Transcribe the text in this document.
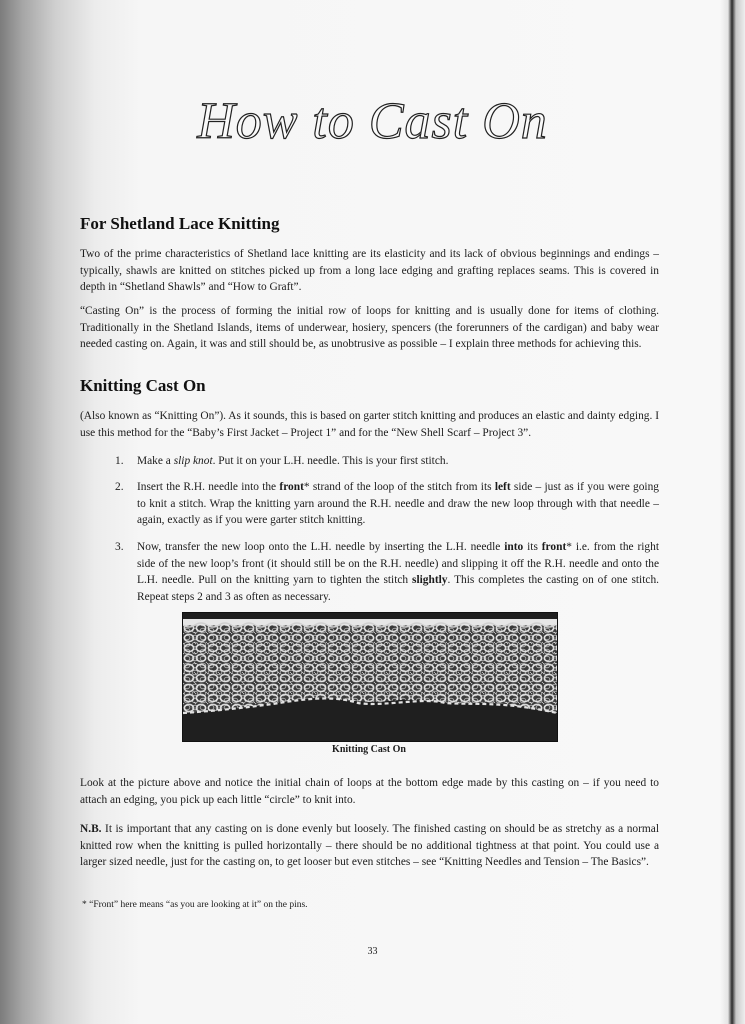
How to Cast On
For Shetland Lace Knitting

Two of the prime characteristics of Shetland lace knitting are its elasticity and its lack of obvious beginnings and endings – typically, shawls are knitted on stitches picked up from a long lace edging and grafting replaces seams. This is covered in depth in “Shetland Shawls” and “How to Graft”.

“Casting On” is the process of forming the initial row of loops for knitting and is usually done for items of clothing. Traditionally in the Shetland Islands, items of underwear, hosiery, spencers (the forerunners of the cardigan) and baby wear needed casting on. Again, it was and still should be, as unobtrusive as possible – I explain three methods for achieving this.

Knitting Cast On

(Also known as “Knitting On”). As it sounds, this is based on garter stitch knitting and produces an elastic and dainty edging. I use this method for the “Baby’s First Jacket – Project 1” and for the “New Shell Scarf – Project 3”.

1. Make a slip knot. Put it on your L.H. needle. This is your first stitch.

2. Insert the R.H. needle into the front* strand of the loop of the stitch from its left side – just as if you were going to knit a stitch. Wrap the knitting yarn around the R.H. needle and draw the new loop through with that needle – again, exactly as if you were garter stitch knitting.

3. Now, transfer the new loop onto the L.H. needle by inserting the L.H. needle into its front* i.e. from the right side of the new loop’s front (it should still be on the R.H. needle) and slipping it off the R.H. needle and onto the L.H. needle. Pull on the knitting yarn to tighten the stitch slightly. This completes the casting on of one stitch. Repeat steps 2 and 3 as often as necessary.

Knitting Cast On

Look at the picture above and notice the initial chain of loops at the bottom edge made by this casting on – if you need to attach an edging, you pick up each little “circle” to knit into.

N.B. It is important that any casting on is done evenly but loosely. The finished casting on should be as stretchy as a normal knitted row when the knitting is pulled horizontally – there should be no additional tightness at that point. You could use a larger sized needle, just for the casting on, to get looser but even stitches – see “Knitting Needles and Tension – The Basics”.

* “Front” here means “as you are looking at it” on the pins.
33
